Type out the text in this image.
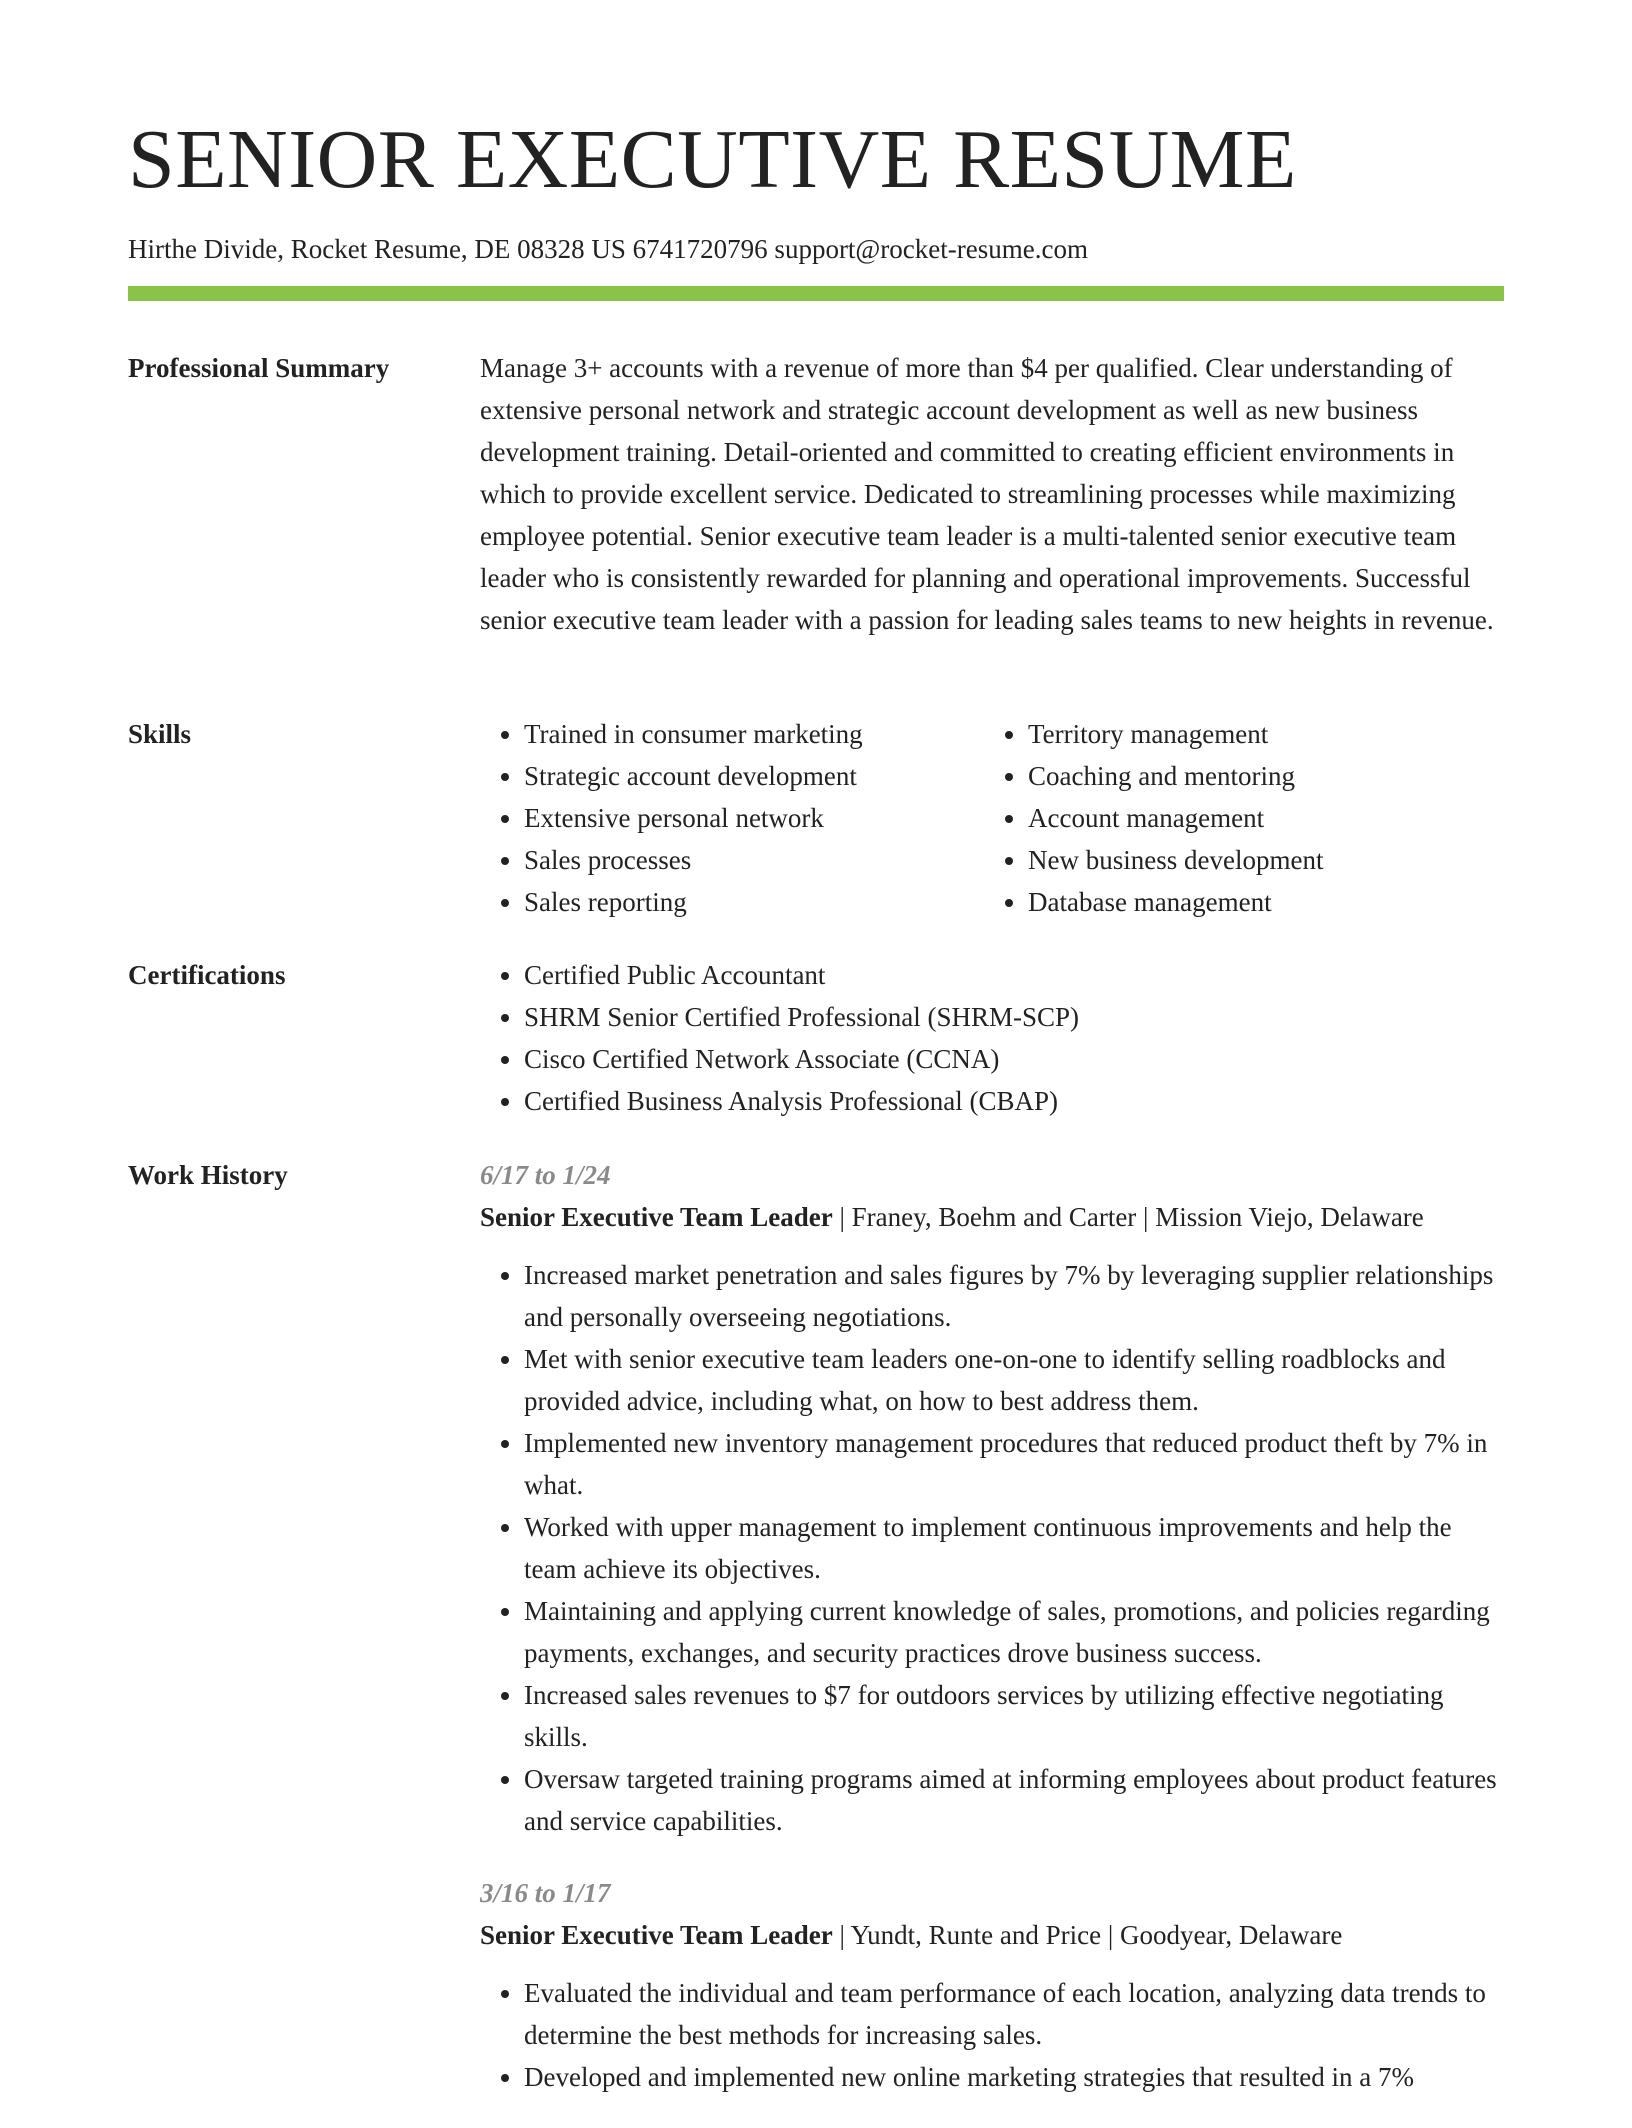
SENIOR EXECUTIVE RESUME
Hirthe Divide, Rocket Resume, DE 08328 US 6741720796 support@rocket-resume.com
Professional Summary	Manage 3+ accounts with a revenue of more than $4 per qualified. Clear understanding of extensive personal network and strategic account development as well as new business development training. Detail-oriented and committed to creating efficient environments in which to provide excellent service. Dedicated to streamlining processes while maximizing employee potential. Senior executive team leader is a multi-talented senior executive team leader who is consistently rewarded for planning and operational improvements. Successful senior executive team leader with a passion for leading sales teams to new heights in revenue.

Skills	• Trained in consumer marketing
• Strategic account development
• Extensive personal network
• Sales processes
• Sales reporting
• Territory management
• Coaching and mentoring
• Account management
• New business development
• Database management
Certifications	• Certified Public Accountant
• SHRM Senior Certified Professional (SHRM-SCP)
• Cisco Certified Network Associate (CCNA)
• Certified Business Analysis Professional (CBAP)
Work History	6/17 to 1/24
Senior Executive Team Leader | Franey, Boehm and Carter | Mission Viejo, Delaware
• Increased market penetration and sales figures by 7% by leveraging supplier relationships and personally overseeing negotiations.
• Met with senior executive team leaders one-on-one to identify selling roadblocks and provided advice, including what, on how to best address them.
• Implemented new inventory management procedures that reduced product theft by 7% in what.
• Worked with upper management to implement continuous improvements and help the team achieve its objectives.
• Maintaining and applying current knowledge of sales, promotions, and policies regarding payments, exchanges, and security practices drove business success.
• Increased sales revenues to $7 for outdoors services by utilizing effective negotiating skills.
• Oversaw targeted training programs aimed at informing employees about product features and service capabilities.
3/16 to 1/17
Senior Executive Team Leader | Yundt, Runte and Price | Goodyear, Delaware
• Evaluated the individual and team performance of each location, analyzing data trends to determine the best methods for increasing sales.
• Developed and implemented new online marketing strategies that resulted in a 7%
